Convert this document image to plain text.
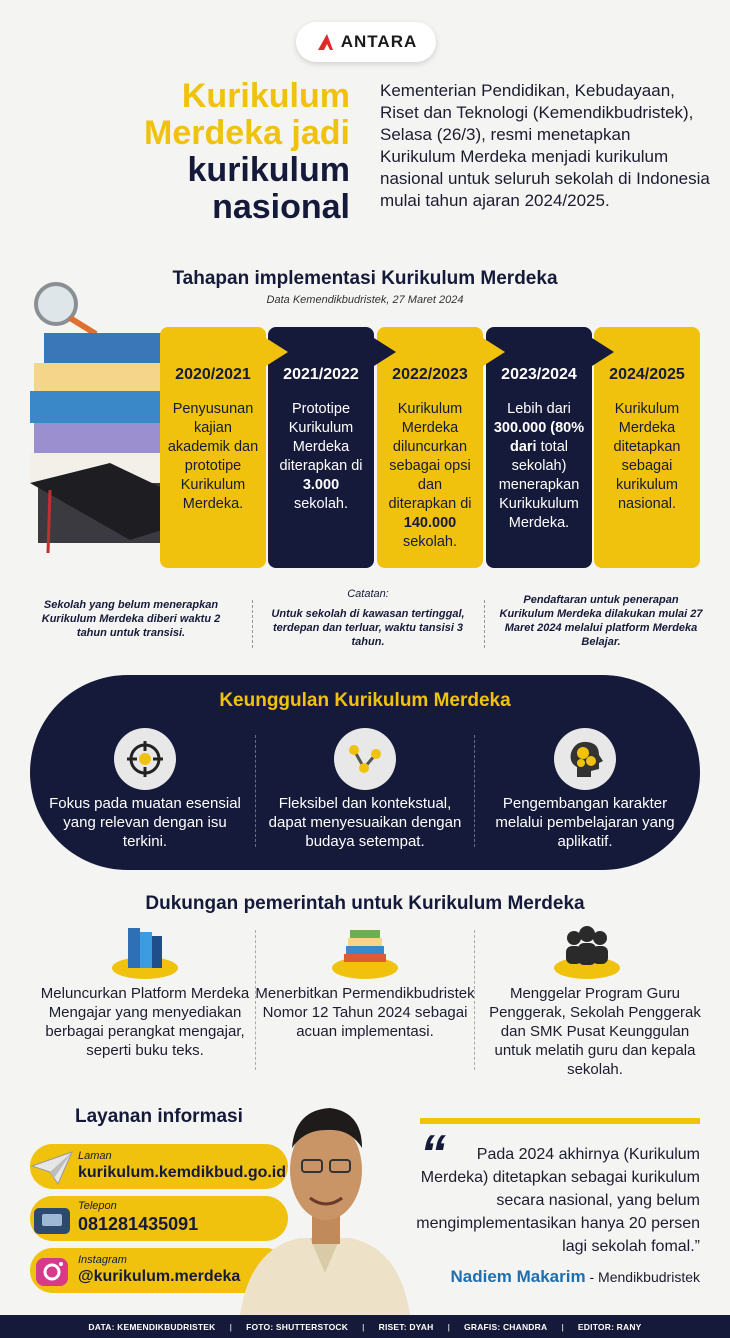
ANTARA
Kurikulum
Merdeka jadi
kurikulum
nasional
Kementerian Pendidikan, Kebudayaan, Riset dan Teknologi (Kemendikbudristek), Selasa (26/3), resmi menetapkan Kurikulum Merdeka menjadi kurikulum nasional untuk seluruh sekolah di Indonesia mulai tahun ajaran 2024/2025.
Tahapan implementasi Kurikulum Merdeka
Data Kemendikbudristek, 27 Maret 2024
2020/2021
Penyusunan kajian akademik dan prototipe Kurikulum Merdeka.
2021/2022
Prototipe Kurikulum Merdeka diterapkan di 3.000 sekolah.
2022/2023
Kurikulum Merdeka diluncurkan sebagai opsi dan diterapkan di 140.000 sekolah.
2023/2024
Lebih dari 300.000 (80% dari total sekolah) menerapkan Kurikukulum Merdeka.
2024/2025
Kurikulum Merdeka ditetapkan sebagai kurikulum nasional.
Sekolah yang belum menerapkan Kurikulum Merdeka diberi waktu 2 tahun untuk transisi.
Catatan:
Untuk sekolah di kawasan tertinggal, terdepan dan terluar, waktu tansisi 3 tahun.
Pendaftaran untuk penerapan Kurikulum Merdeka dilakukan mulai 27 Maret 2024 melalui platform Merdeka Belajar.
Keunggulan Kurikulum Merdeka
Fokus pada muatan esensial yang relevan dengan isu terkini.
Fleksibel dan kontekstual, dapat menyesuaikan dengan budaya setempat.
Pengembangan karakter melalui pembelajaran yang aplikatif.
Dukungan pemerintah untuk Kurikulum Merdeka
Meluncurkan Platform Merdeka Mengajar yang menyediakan berbagai perangkat mengajar, seperti buku teks.
Menerbitkan Permendikbudristek Nomor 12 Tahun 2024 sebagai acuan implementasi.
Menggelar Program Guru Penggerak, Sekolah Penggerak dan SMK Pusat Keunggulan untuk melatih guru dan kepala sekolah.
Layanan informasi
Laman
kurikulum.kemdikbud.go.id
Telepon
081281435091
Instagram
@kurikulum.merdeka
“	Pada 2024 akhirnya (Kurikulum Merdeka) ditetapkan sebagai kurikulum secara nasional, yang belum mengimplementasikan hanya 20 persen lagi sekolah fomal.”
Nadiem Makarim - Mendikbudristek
DATA: KEMENDIKBUDRISTEK | FOTO: SHUTTERSTOCK | RISET: DYAH | GRAFIS: CHANDRA | EDITOR: RANY
